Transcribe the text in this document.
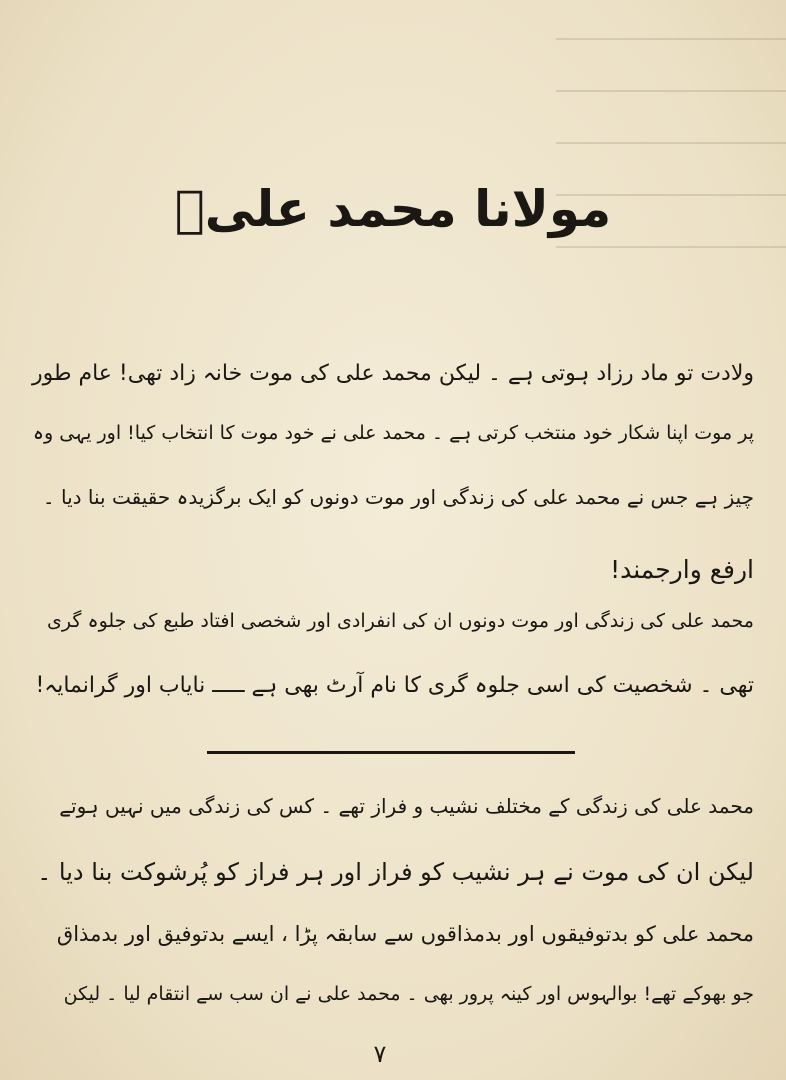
مولانا محمد علیؒ
ولادت تو ماد رزاد ہوتی ہے ۔ لیکن محمد علی کی موت خانہ زاد تھی! عام طور
پر موت اپنا شکار خود منتخب کرتی ہے ۔ محمد علی نے خود موت کا انتخاب کیا! اور یہی وہ
چیز ہے جس نے محمد علی کی زندگی اور موت دونوں کو ایک برگزیدہ حقیقت بنا دیا ۔
ارفع وارجمند!
محمد علی کی زندگی اور موت دونوں ان کی انفرادی اور شخصی افتاد طبع کی جلوہ گری
تھی ۔ شخصیت کی اسی جلوہ گری کا نام آرٹ بھی ہے ـــــ نایاب اور گرانمایہ!
محمد علی کی زندگی کے مختلف نشیب و فراز تھے ۔ کس کی زندگی میں نہیں ہوتے
لیکن ان کی موت نے ہر نشیب کو فراز اور ہر فراز کو پُرشوکت بنا دیا ۔
محمد علی کو بدتوفیقوں اور بدمذاقوں سے سابقہ پڑا ، ایسے بدتوفیق اور بدمذاق
جو بھوکے تھے! بوالہوس اور کینہ پرور بھی ۔ محمد علی نے ان سب سے انتقام لیا ۔ لیکن
۷
